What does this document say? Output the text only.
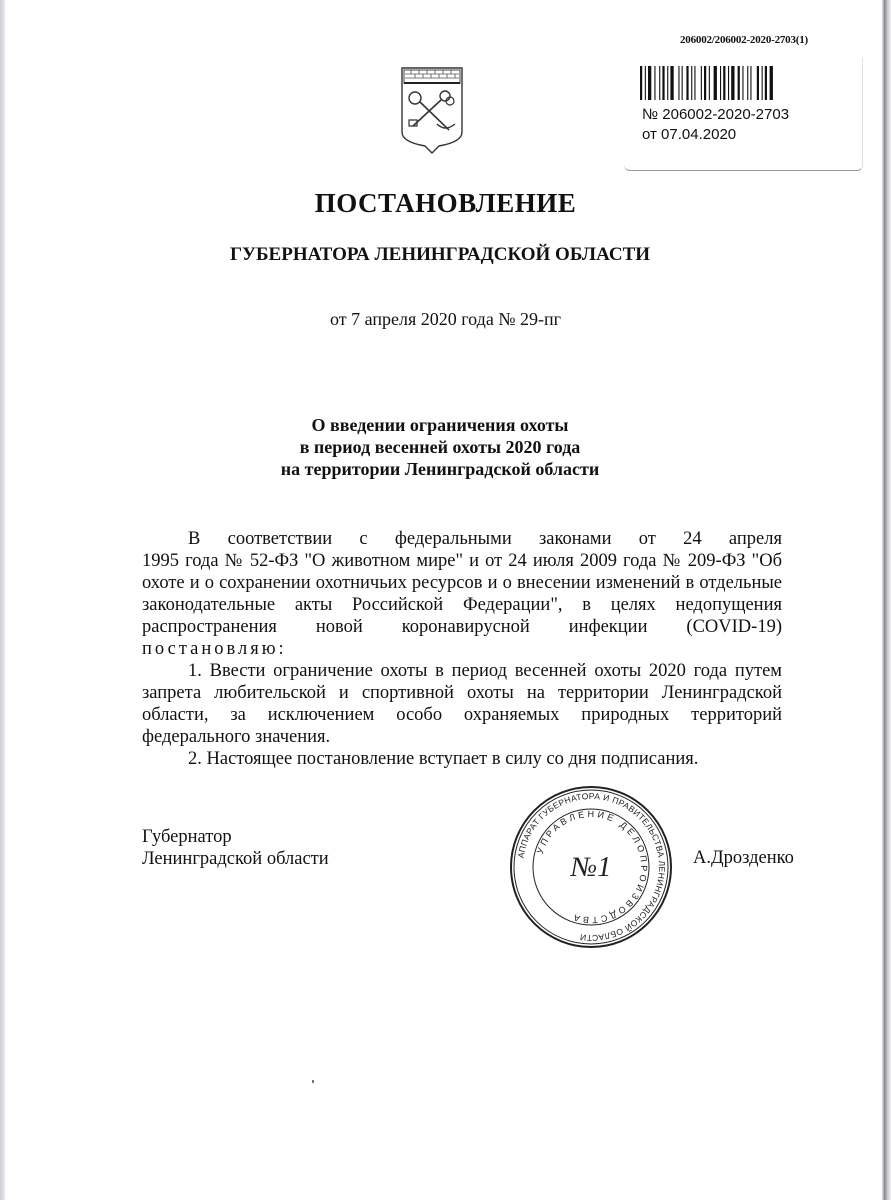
206002/206002-2020-2703(1)
№ 206002-2020-2703
от 07.04.2020
ПОСТАНОВЛЕНИЕ
ГУБЕРНАТОРА ЛЕНИНГРАДСКОЙ ОБЛАСТИ
от 7 апреля 2020 года № 29-пг
О введении ограничения охоты
в период весенней охоты 2020 года
на территории Ленинградской области
В соответствии с федеральными законами от 24 апреля

1995 года № 52-ФЗ "О животном мире" и от 24 июля 2009 года № 209-ФЗ "Об охоте и о сохранении охотничьих ресурсов и о внесении изменений в отдельные законодательные акты Российской Федерации", в целях недопущения распространения новой коронавирусной инфекции (COVID-19) постановляю:

1. Ввести ограничение охоты в период весенней охоты 2020 года путем запрета любительской и спортивной охоты на территории Ленинградской области, за исключением особо охраняемых природных территорий федерального значения.

2. Настоящее постановление вступает в силу со дня подписания.

Губернатор
Ленинградской области	АППАРАТ ГУБЕРНАТОРА И ПРАВИТЕЛЬСТВА ЛЕНИНГРАДСКОЙ ОБЛАСТИ
УПРАВЛЕНИЕ ДЕЛОПРОИЗВОДСТВА
№1	А.Дрозденко
